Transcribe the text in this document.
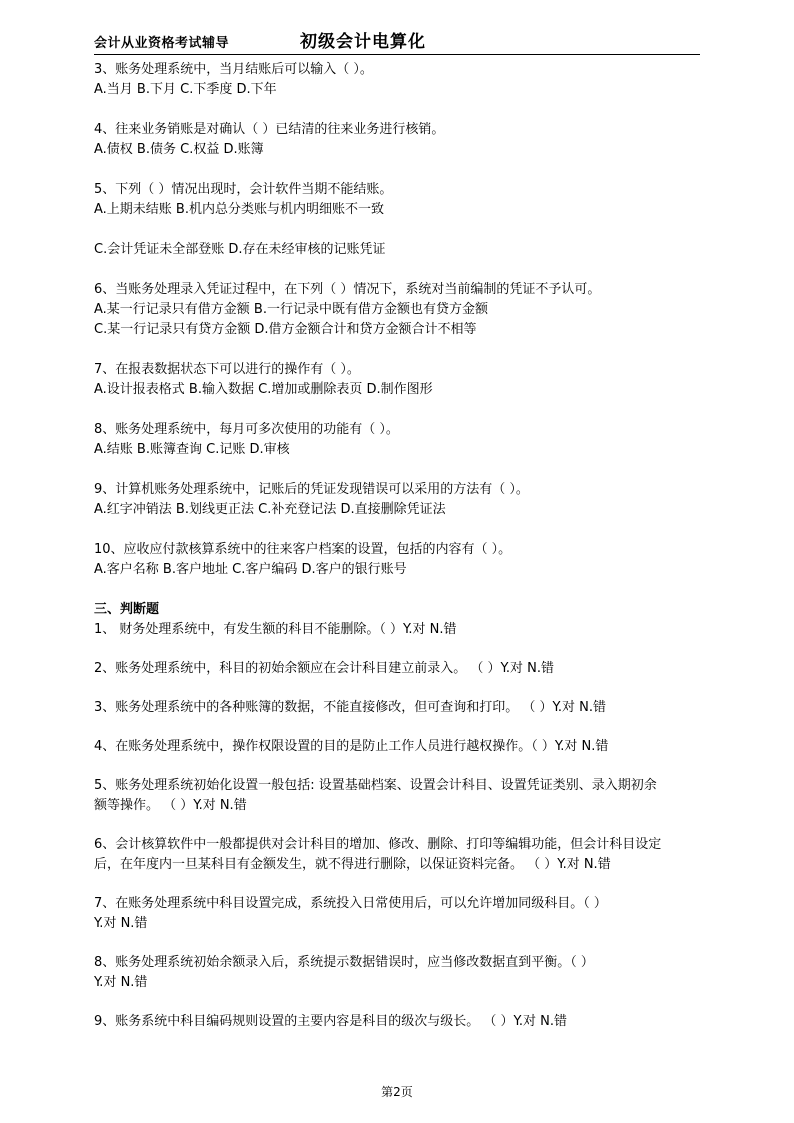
会计从业资格考试辅导	初级会计电算化
3、账务处理系统中，当月结账后可以输入（ ）。
A.当月 B.下月 C.下季度 D.下年
4、往来业务销账是对确认（ ）已结清的往来业务进行核销。
A.债权 B.债务 C.权益 D.账簿
5、下列（ ）情况出现时，会计软件当期不能结账。
A.上期未结账 B.机内总分类账与机内明细账不一致
C.会计凭证未全部登账 D.存在未经审核的记账凭证
6、当账务处理录入凭证过程中，在下列（ ）情况下，系统对当前编制的凭证不予认可。
A.某一行记录只有借方金额 B.一行记录中既有借方金额也有贷方金额
C.某一行记录只有贷方金额 D.借方金额合计和贷方金额合计不相等
7、在报表数据状态下可以进行的操作有（ ）。
A.设计报表格式 B.输入数据 C.增加或删除表页 D.制作图形
8、账务处理系统中，每月可多次使用的功能有（ ）。
A.结账 B.账簿查询 C.记账 D.审核
9、计算机账务处理系统中，记账后的凭证发现错误可以采用的方法有（ ）。
A.红字冲销法 B.划线更正法 C.补充登记法 D.直接删除凭证法
10、应收应付款核算系统中的往来客户档案的设置，包括的内容有（ ）。
A.客户名称 B.客户地址 C.客户编码 D.客户的银行账号
三、判断题
1、 财务处理系统中，有发生额的科目不能删除。（ ）Y.对 N.错
2、账务处理系统中，科目的初始余额应在会计科目建立前录入。 （ ）Y.对 N.错
3、账务处理系统中的各种账簿的数据，不能直接修改，但可查询和打印。 （ ）Y.对 N.错
4、在账务处理系统中，操作权限设置的目的是防止工作人员进行越权操作。（ ）Y.对 N.错
5、账务处理系统初始化设置一般包括: 设置基础档案、设置会计科目、设置凭证类别、录入期初余
额等操作。 （ ）Y.对 N.错
6、会计核算软件中一般都提供对会计科目的增加、修改、删除、打印等编辑功能，但会计科目设定
后，在年度内一旦某科目有金额发生，就不得进行删除，以保证资料完备。 （ ）Y.对 N.错
7、在账务处理系统中科目设置完成，系统投入日常使用后，可以允许增加同级科目。（ ）
Y.对 N.错
8、账务处理系统初始余额录入后，系统提示数据错误时，应当修改数据直到平衡。（ ）
Y.对 N.错
9、账务系统中科目编码规则设置的主要内容是科目的级次与级长。 （ ）Y.对 N.错
第2页
